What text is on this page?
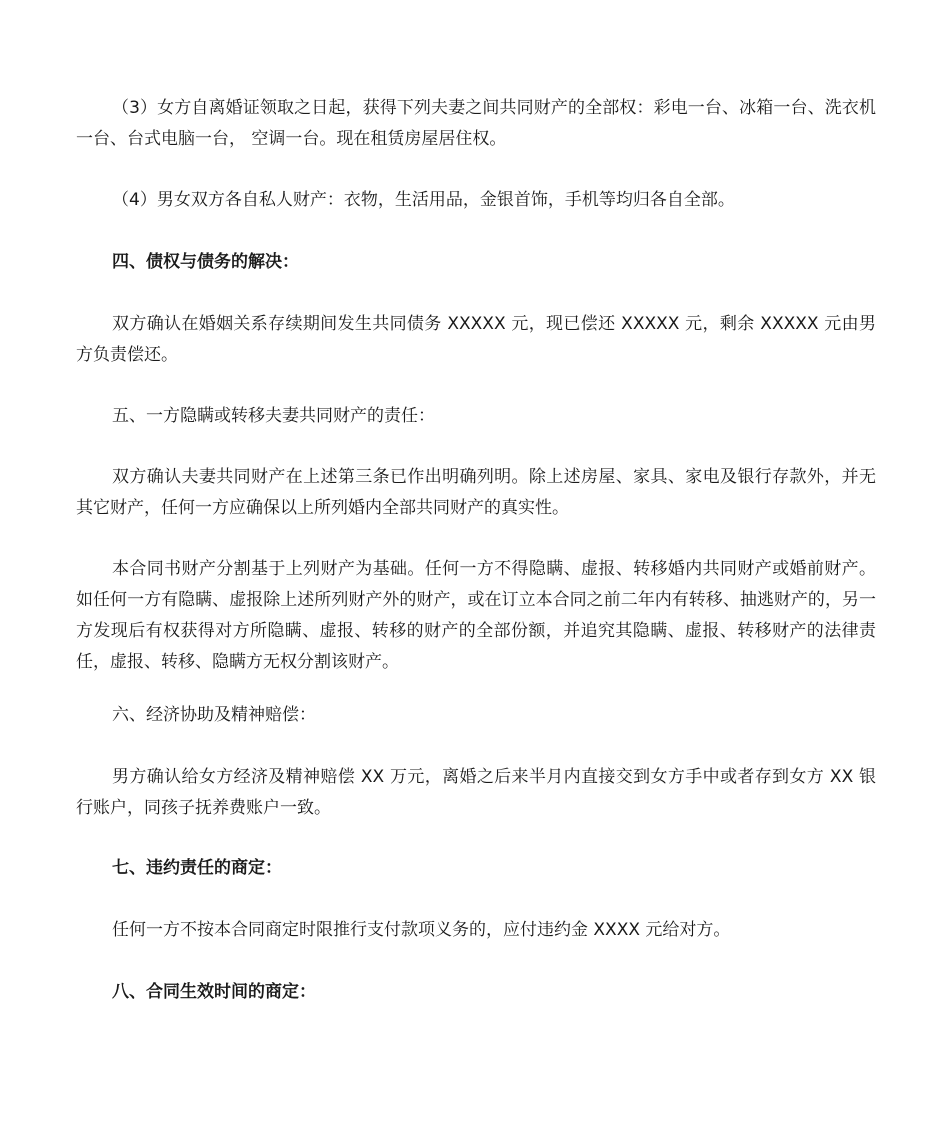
（3）女方自离婚证领取之日起，获得下列夫妻之间共同财产的全部权：彩电一台、冰箱一台、洗衣机一台、台式电脑一台， 空调一台。现在租赁房屋居住权。

（4）男女双方各自私人财产：衣物，生活用品，金银首饰，手机等均归各自全部。

四、债权与债务的解决：

双方确认在婚姻关系存续期间发生共同债务 XXXXX 元，现已偿还 XXXXX 元，剩余 XXXXX 元由男方负责偿还。

五、一方隐瞒或转移夫妻共同财产的责任：

双方确认夫妻共同财产在上述第三条已作出明确列明。除上述房屋、家具、家电及银行存款外，并无其它财产，任何一方应确保以上所列婚内全部共同财产的真实性。

本合同书财产分割基于上列财产为基础。任何一方不得隐瞒、虚报、转移婚内共同财产或婚前财产。如任何一方有隐瞒、虚报除上述所列财产外的财产，或在订立本合同之前二年内有转移、抽逃财产的，另一方发现后有权获得对方所隐瞒、虚报、转移的财产的全部份额，并追究其隐瞒、虚报、转移财产的法律责任，虚报、转移、隐瞒方无权分割该财产。

六、经济协助及精神赔偿：

男方确认给女方经济及精神赔偿 XX 万元，离婚之后来半月内直接交到女方手中或者存到女方 XX 银行账户，同孩子抚养费账户一致。

七、违约责任的商定：

任何一方不按本合同商定时限推行支付款项义务的，应付违约金 XXXX 元给对方。

八、合同生效时间的商定：
